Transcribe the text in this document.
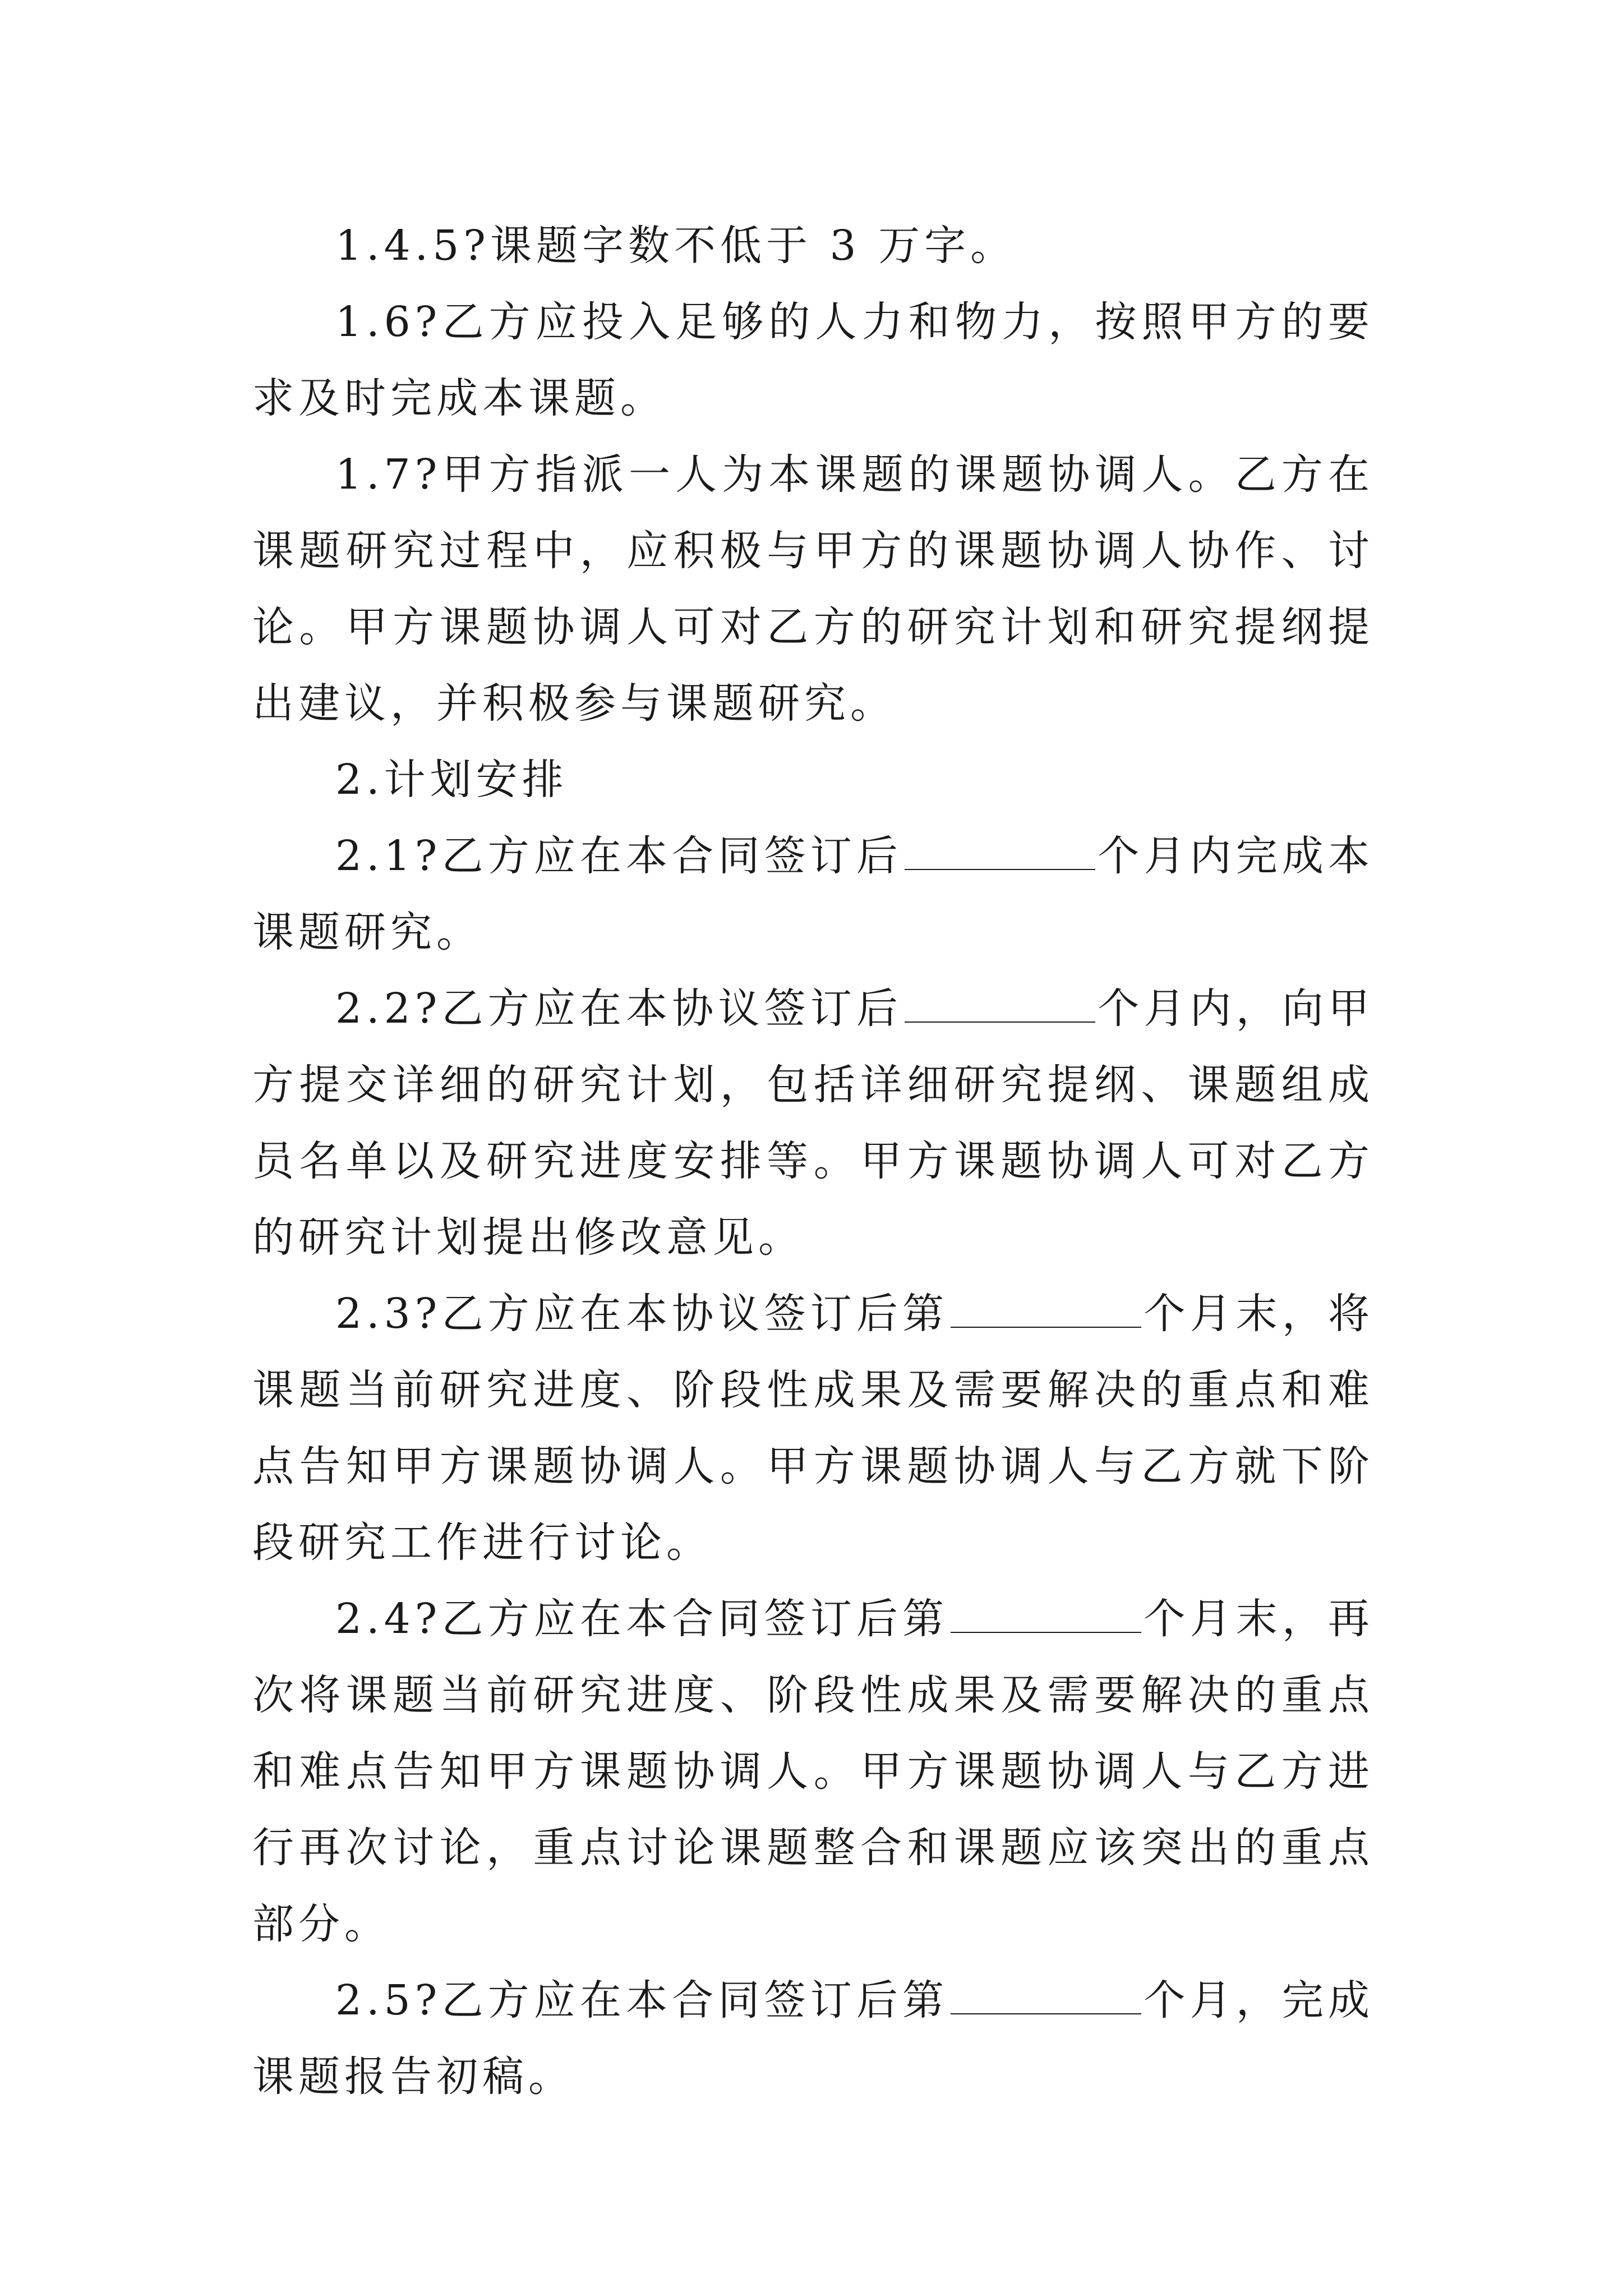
1.4.5?课题字数不低于 3 万字。

1.6?乙方应投入足够的人力和物力，按照甲方的要求及时完成本课题。

1.7?甲方指派一人为本课题的课题协调人。乙方在课题研究过程中，应积极与甲方的课题协调人协作、讨论。甲方课题协调人可对乙方的研究计划和研究提纲提出建议，并积极参与课题研究。

2.计划安排

2.1?乙方应在本合同签订后	个月内完成本课题研究。

2.2?乙方应在本协议签订后	个月内，向甲方提交详细的研究计划，包括详细研究提纲、课题组成员名单以及研究进度安排等。甲方课题协调人可对乙方的研究计划提出修改意见。

2.3?乙方应在本协议签订后第	个月末，将课题当前研究进度、阶段性成果及需要解决的重点和难点告知甲方课题协调人。甲方课题协调人与乙方就下阶段研究工作进行讨论。

2.4?乙方应在本合同签订后第	个月末，再次将课题当前研究进度、阶段性成果及需要解决的重点和难点告知甲方课题协调人。甲方课题协调人与乙方进行再次讨论，重点讨论课题整合和课题应该突出的重点部分。

2.5?乙方应在本合同签订后第	个月，完成课题报告初稿。
